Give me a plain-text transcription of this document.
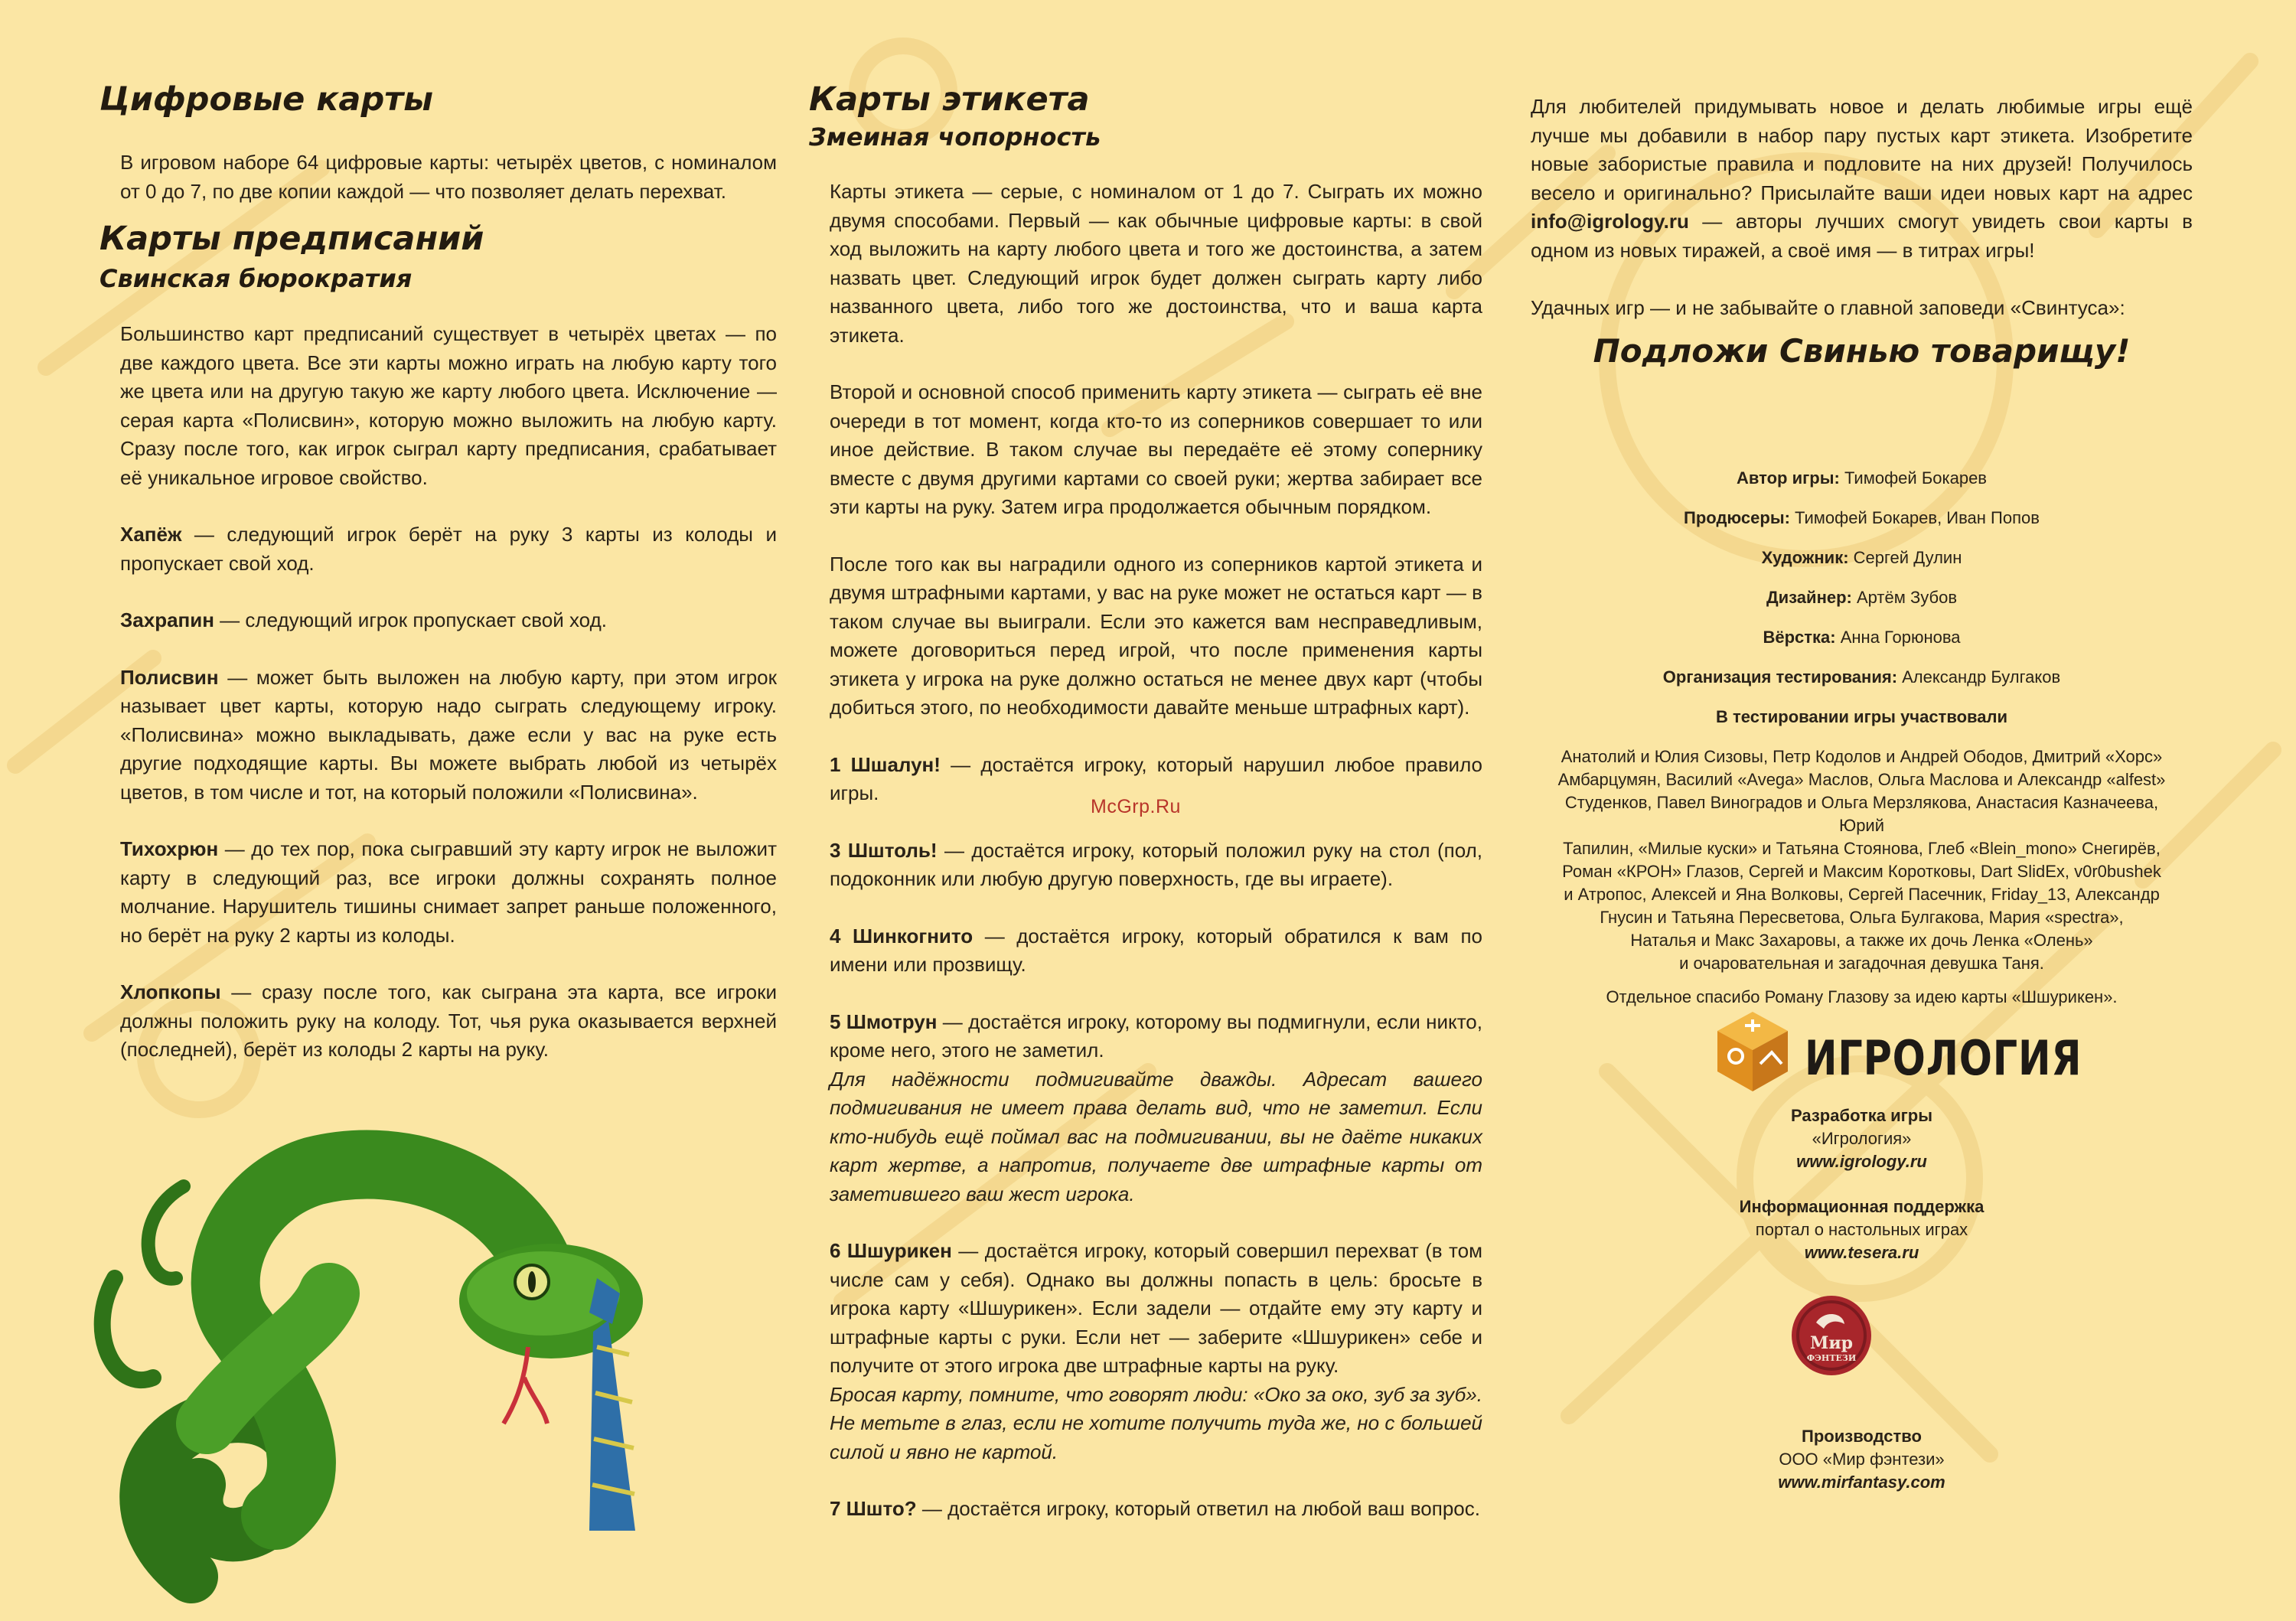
McGrp.Ru
Цифровые карты

В игровом наборе 64 цифровые карты: четырёх цветов, с номиналом от 0 до 7, по две копии каждой — что позволяет делать перехват.

Карты предписаний
Свинская бюрократия

Большинство карт предписаний существует в четырёх цветах — по две каждого цвета. Все эти карты можно играть на любую карту того же цвета или на другую такую же карту любого цвета. Исключение — серая карта «Полисвин», которую можно выложить на любую карту. Сразу после того, как игрок сыграл карту предписания, срабатывает её уникальное игровое свойство.

Хапёж — следующий игрок берёт на руку 3 карты из колоды и пропускает свой ход.

Захрапин — следующий игрок пропускает свой ход.

Полисвин — может быть выложен на любую карту, при этом игрок называет цвет карты, которую надо сыграть следующему игроку. «Полисвина» можно выкладывать, даже если у вас на руке есть другие подходящие карты. Вы можете выбрать любой из четырёх цветов, в том числе и тот, на который положили «Полисвина».

Тихохрюн — до тех пор, пока сыгравший эту карту игрок не выложит карту в следующий раз, все игроки должны сохранять полное молчание. Нарушитель тишины снимает запрет раньше положенного, но берёт на руку 2 карты из колоды.

Хлопкопы — сразу после того, как сыграна эта карта, все игроки должны положить руку на колоду. Тот, чья рука оказывается верхней (последней), берёт из колоды 2 карты на руку.

Карты этикета
Змеиная чопорность

Карты этикета — серые, с номиналом от 1 до 7. Сыграть их можно двумя способами. Первый — как обычные цифровые карты: в свой ход выложить на карту любого цвета и того же достоинства, а затем назвать цвет. Следующий игрок будет должен сыграть карту либо названного цвета, либо того же достоинства, что и ваша карта этикета.

Второй и основной способ применить карту этикета — сыграть её вне очереди в тот момент, когда кто-то из соперников совершает то или иное действие. В таком случае вы передаёте её этому сопернику вместе с двумя другими картами со своей руки; жертва забирает все эти карты на руку. Затем игра продолжается обычным порядком.

После того как вы наградили одного из соперников картой этикета и двумя штрафными картами, у вас на руке может не остаться карт — в таком случае вы выиграли. Если это кажется вам несправедливым, можете договориться перед игрой, что после применения карты этикета у игрока на руке должно остаться не менее двух карт (чтобы добиться этого, по необходимости давайте меньше штрафных карт).

1 Шшалун! — достаётся игроку, который нарушил любое правило игры.

3 Шштоль! — достаётся игроку, который положил руку на стол (пол, подоконник или любую другую поверхность, где вы играете).

4 Шинкогнито — достаётся игроку, который обратился к вам по имени или прозвищу.

5 Шмотрун — достаётся игроку, которому вы подмигнули, если никто, кроме него, этого не заметил.

Для надёжности подмигивайте дважды. Адресат вашего подмигивания не имеет права делать вид, что не заметил. Если кто-нибудь ещё поймал вас на подмигивании, вы не даёте никаких карт жертве, а напротив, получаете две штрафные карты от заметившего ваш жест игрока.

6 Шшурикен — достаётся игроку, который совершил перехват (в том числе сам у себя). Однако вы должны попасть в цель: бросьте в игрока карту «Шшурикен». Если задели — отдайте ему эту карту и штрафные карты с руки. Если нет — заберите «Шшурикен» себе и получите от этого игрока две штрафные карты на руку.

Бросая карту, помните, что говорят люди: «Око за око, зуб за зуб». Не метьте в глаз, если не хотите получить туда же, но с большей силой и явно не картой.

7 Шшто? — достаётся игроку, который ответил на любой ваш вопрос.

Для любителей придумывать новое и делать любимые игры ещё лучше мы добавили в набор пару пустых карт этикета. Изобретите новые забористые правила и подловите на них друзей! Получилось весело и оригинально? Присылайте ваши идеи новых карт на адрес info@igrology.ru — авторы лучших смогут увидеть свои карты в одном из новых тиражей, а своё имя — в титрах игры!

Удачных игр — и не забывайте о главной заповеди «Свинтуса»:

Подложи Свинью товарищу!

Автор игры: Тимофей Бокарев

Продюсеры: Тимофей Бокарев, Иван Попов

Художник: Сергей Дулин

Дизайнер: Артём Зубов

Вёрстка: Анна Горюнова

Организация тестирования: Александр Булгаков

В тестировании игры участвовали

Анатолий и Юлия Сизовы, Петр Кодолов и Андрей Ободов, Дмитрий «Хорс»
Амбарцумян, Василий «Avega» Маслов, Ольга Маслова и Александр «alfest»
Студенков, Павел Виноградов и Ольга Мерзлякова, Анастасия Казначеева, Юрий
Тапилин, «Милые куски» и Татьяна Стоянова, Глеб «Blein_mono» Снегирёв,
Роман «КРОН» Глазов, Сергей и Максим Коротковы, Dart SlidEx, v0r0bushek
и Атропос, Алексей и Яна Волковы, Сергей Пасечник, Friday_13, Александр
Гнусин и Татьяна Пересветова, Ольга Булгакова, Мария «spectra»,
Наталья и Макс Захаровы, а также их дочь Ленка «Олень»
и очаровательная и загадочная девушка Таня.

Отдельное спасибо Роману Глазову за идею карты «Шшурикен».

ИГРОЛОГИЯ
Разработка игры
«Игрология»
www.igrology.ru
Информационная поддержка
портал о настольных играх
www.tesera.ru
Мир
ФЭНТЕЗИ
Производство
ООО «Мир фэнтези»
www.mirfantasy.com
